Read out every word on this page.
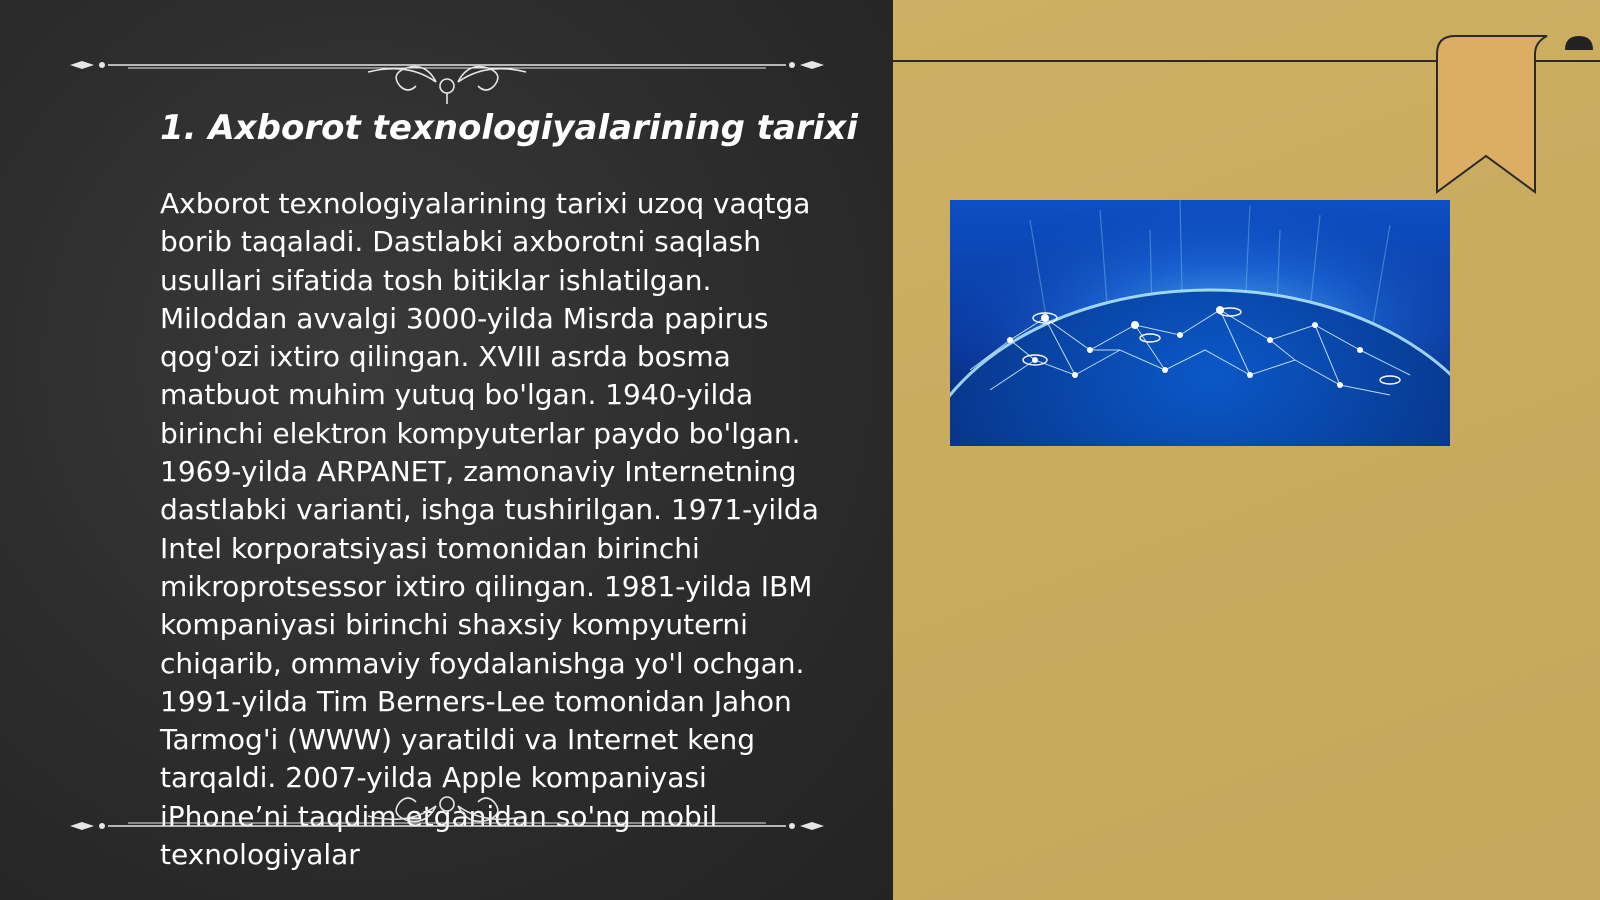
1. Axborot texnologiyalarining tarixi

Axborot texnologiyalarining tarixi uzoq vaqtga borib taqaladi. Dastlabki axborotni saqlash usullari sifatida tosh bitiklar ishlatilgan. Miloddan avvalgi 3000-yilda Misrda papirus qog'ozi ixtiro qilingan. XVIII asrda bosma matbuot muhim yutuq bo'lgan. 1940-yilda birinchi elektron kompyuterlar paydo bo'lgan. 1969-yilda ARPANET, zamonaviy Internetning dastlabki varianti, ishga tushirilgan. 1971-yilda Intel korporatsiyasi tomonidan birinchi mikroprotsessor ixtiro qilingan. 1981-yilda IBM kompaniyasi birinchi shaxsiy kompyuterni chiqarib, ommaviy foydalanishga yo'l ochgan. 1991-yilda Tim Berners-Lee tomonidan Jahon Tarmog'i (WWW) yaratildi va Internet keng tarqaldi. 2007-yilda Apple kompaniyasi iPhone’ni taqdim etganidan so'ng mobil texnologiyalar
